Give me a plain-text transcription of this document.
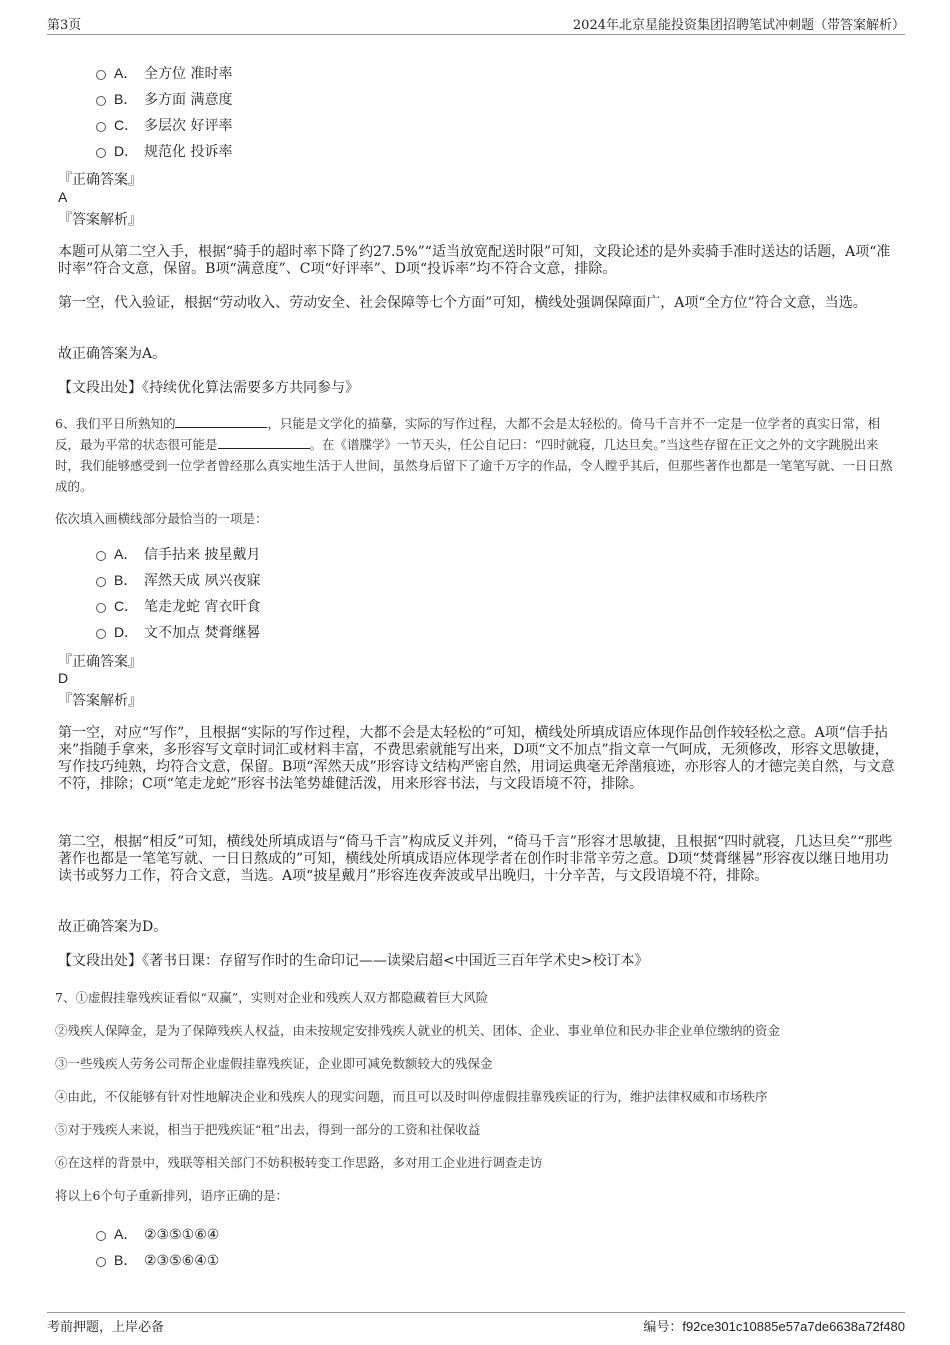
第3页	2024年北京星能投资集团招聘笔试冲刺题（带答案解析）
A． 全方位 准时率
B． 多方面 满意度
C． 多层次 好评率
D． 规范化 投诉率
『正确答案』
A
『答案解析』
本题可从第二空入手，根据“骑手的超时率下降了约27.5%”“适当放宽配送时限”可知，文段论述的是外卖骑手准时送达的话题，A项“准时率”符合文意，保留。B项“满意度”、C项“好评率”、D项“投诉率”均不符合文意，排除。
第一空，代入验证，根据“劳动收入、劳动安全、社会保障等七个方面”可知，横线处强调保障面广，A项“全方位”符合文意，当选。
故正确答案为A。
【文段出处】《持续优化算法需要多方共同参与》
6、我们平日所熟知的	，只能是文学化的描摹，实际的写作过程，大都不会是太轻松的。倚马千言并不一定是一位学者的真实日常，相反，最为平常的状态很可能是	。在《谱牒学》一节天头，任公自记曰：“四时就寝，几达旦矣。”当这些存留在正文之外的文字跳脱出来时，我们能够感受到一位学者曾经那么真实地生活于人世间，虽然身后留下了逾千万字的作品，令人瞠乎其后，但那些著作也都是一笔笔写就、一日日熬成的。
依次填入画横线部分最恰当的一项是：
A． 信手拈来 披星戴月
B． 浑然天成 夙兴夜寐
C． 笔走龙蛇 宵衣旰食
D． 文不加点 焚膏继晷
『正确答案』
D
『答案解析』
第一空，对应“写作”，且根据“实际的写作过程，大都不会是太轻松的”可知，横线处所填成语应体现作品创作较轻松之意。A项“信手拈来”指随手拿来，多形容写文章时词汇或材料丰富，不费思索就能写出来，D项“文不加点”指文章一气呵成，无须修改，形容文思敏捷，写作技巧纯熟，均符合文意，保留。B项“浑然天成”形容诗文结构严密自然，用词运典毫无斧凿痕迹，亦形容人的才德完美自然，与文意不符，排除；C项“笔走龙蛇”形容书法笔势雄健活泼，用来形容书法，与文段语境不符，排除。
第二空，根据“相反”可知，横线处所填成语与“倚马千言”构成反义并列，“倚马千言”形容才思敏捷，且根据“四时就寝，几达旦矣”“那些著作也都是一笔笔写就、一日日熬成的”可知，横线处所填成语应体现学者在创作时非常辛劳之意。D项“焚膏继晷”形容夜以继日地用功读书或努力工作，符合文意，当选。A项“披星戴月”形容连夜奔波或早出晚归，十分辛苦，与文段语境不符，排除。
故正确答案为D。
【文段出处】《著书日课：存留写作时的生命印记——读梁启超<中国近三百年学术史>校订本》
7、①虚假挂靠残疾证看似“双赢”，实则对企业和残疾人双方都隐藏着巨大风险
②残疾人保障金，是为了保障残疾人权益，由未按规定安排残疾人就业的机关、团体、企业、事业单位和民办非企业单位缴纳的资金
③一些残疾人劳务公司帮企业虚假挂靠残疾证，企业即可减免数额较大的残保金
④由此，不仅能够有针对性地解决企业和残疾人的现实问题，而且可以及时叫停虚假挂靠残疾证的行为，维护法律权威和市场秩序
⑤对于残疾人来说，相当于把残疾证“租”出去，得到一部分的工资和社保收益
⑥在这样的背景中，残联等相关部门不妨积极转变工作思路，多对用工企业进行调查走访
将以上6个句子重新排列，语序正确的是：
A． ②③⑤①⑥④
B． ②③⑤⑥④①
考前押题，上岸必备	编号：f92ce301c10885e57a7de6638a72f480
